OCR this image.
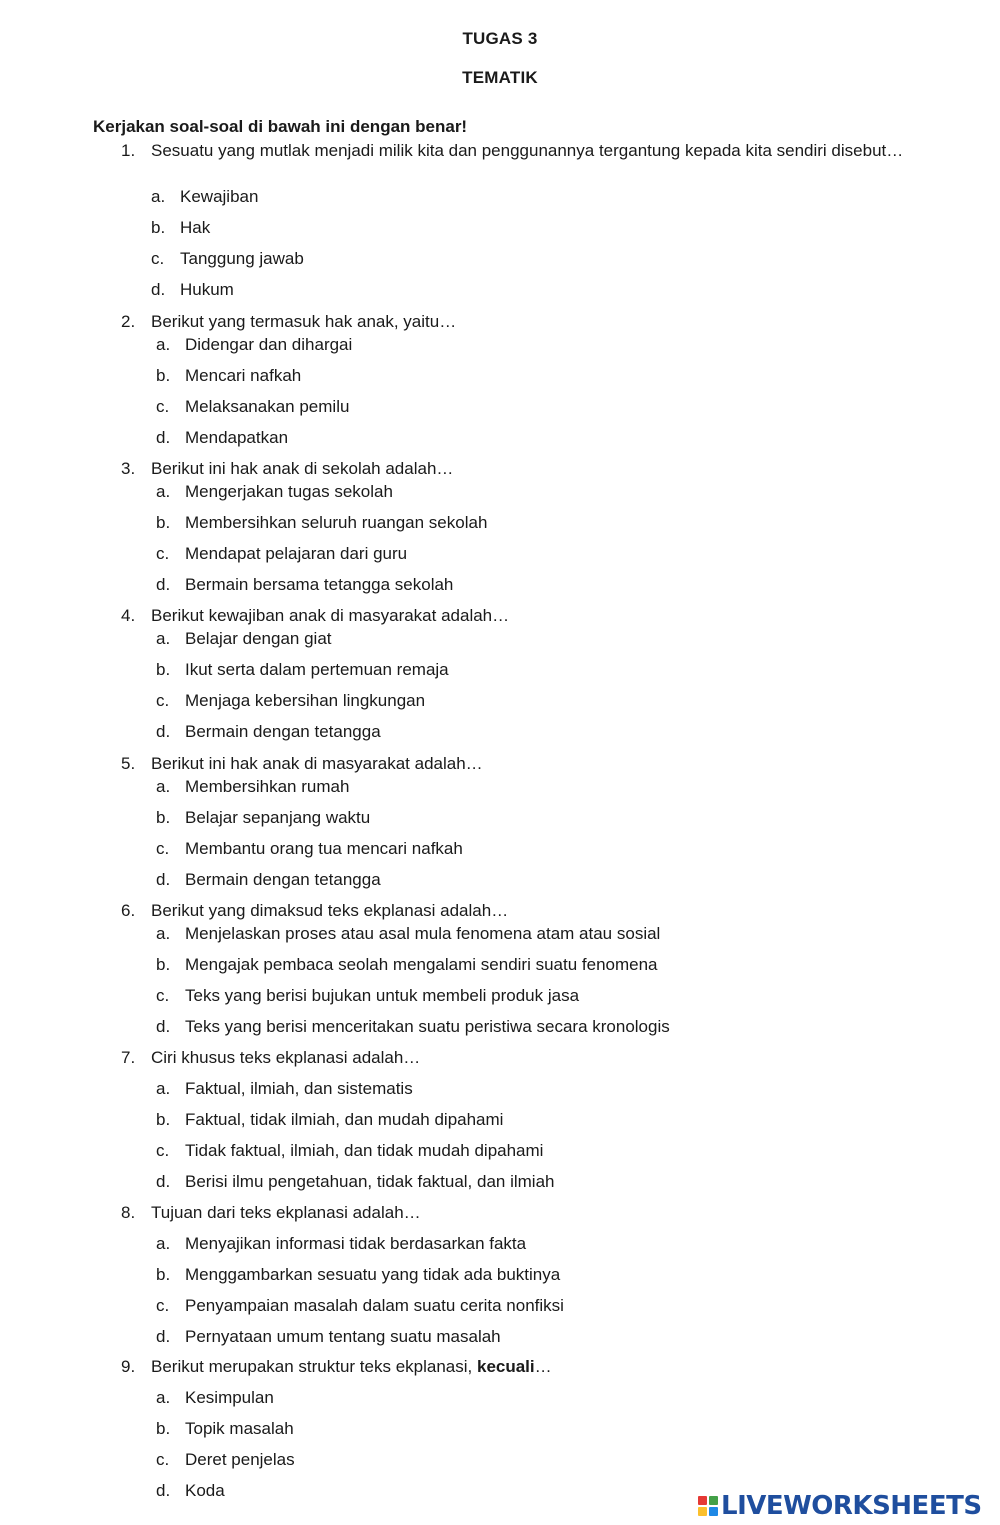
TUGAS 3
TEMATIK
Kerjakan soal-soal di bawah ini dengan benar!
1. Sesuatu yang mutlak menjadi milik kita dan penggunannya tergantung kepada kita sendiri disebut…
a. Kewajiban
b. Hak
c. Tanggung jawab
d. Hukum
2. Berikut yang termasuk hak anak, yaitu…
a. Didengar dan dihargai
b. Mencari nafkah
c. Melaksanakan pemilu
d. Mendapatkan
3. Berikut ini hak anak di sekolah adalah…
a. Mengerjakan tugas sekolah
b. Membersihkan seluruh ruangan sekolah
c. Mendapat pelajaran dari guru
d. Bermain bersama tetangga sekolah
4. Berikut kewajiban anak di masyarakat adalah…
a. Belajar dengan giat
b. Ikut serta dalam pertemuan remaja
c. Menjaga kebersihan lingkungan
d. Bermain dengan tetangga
5. Berikut ini hak anak di masyarakat adalah…
a. Membersihkan rumah
b. Belajar sepanjang waktu
c. Membantu orang tua mencari nafkah
d. Bermain dengan tetangga
6. Berikut yang dimaksud teks ekplanasi adalah…
a. Menjelaskan proses atau asal mula fenomena atam atau sosial
b. Mengajak pembaca seolah mengalami sendiri suatu fenomena
c. Teks yang berisi bujukan untuk membeli produk jasa
d. Teks yang berisi menceritakan suatu peristiwa secara kronologis
7. Ciri khusus teks ekplanasi adalah…
a. Faktual, ilmiah, dan sistematis
b. Faktual, tidak ilmiah, dan mudah dipahami
c. Tidak faktual, ilmiah, dan tidak mudah dipahami
d. Berisi ilmu pengetahuan, tidak faktual, dan ilmiah
8. Tujuan dari teks ekplanasi adalah…
a. Menyajikan informasi tidak berdasarkan fakta
b. Menggambarkan sesuatu yang tidak ada buktinya
c. Penyampaian masalah dalam suatu cerita nonfiksi
d. Pernyataan umum tentang suatu masalah
9. Berikut merupakan struktur teks ekplanasi, kecuali…
a. Kesimpulan
b. Topik masalah
c. Deret penjelas
d. Koda
LIVEWORKSHEETS
